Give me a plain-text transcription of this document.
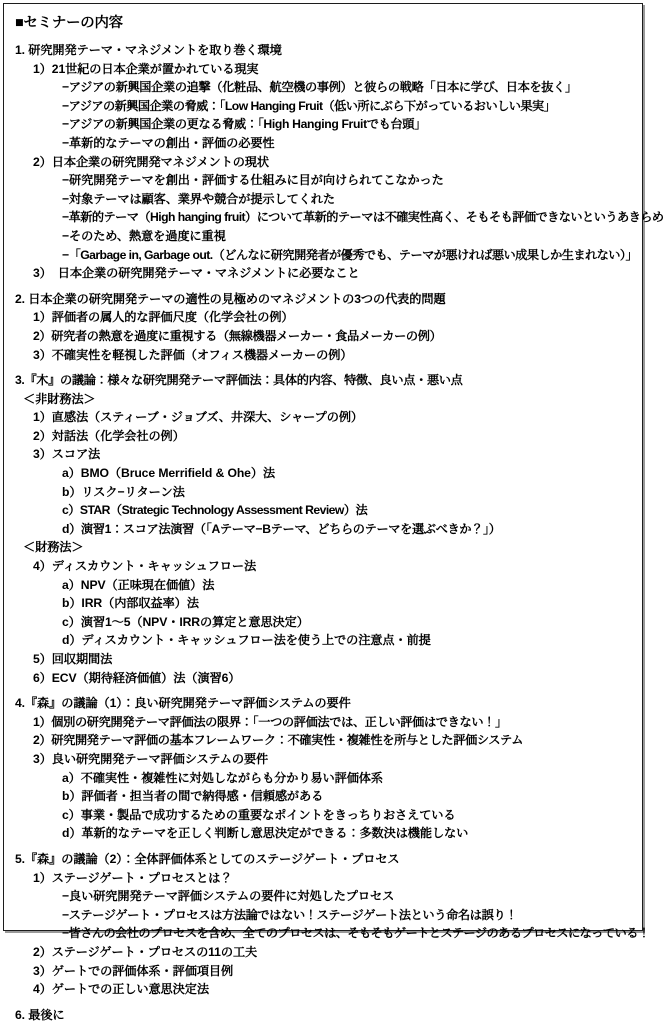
■セミナーの内容
1. 研究開発テーマ・マネジメントを取り巻く環境
1）21世紀の日本企業が置かれている現実
−アジアの新興国企業の追撃（化粧品、航空機の事例）と彼らの戦略「日本に学び、日本を抜く」
−アジアの新興国企業の脅威：「Low Hanging Fruit（低い所にぶら下がっているおいしい果実」
−アジアの新興国企業の更なる脅威：「High Hanging Fruitでも台頭」
−革新的なテーマの創出・評価の必要性
2）日本企業の研究開発マネジメントの現状
−研究開発テーマを創出・評価する仕組みに目が向けられてこなかった
−対象テーマは顧客、業界や競合が提示してくれた
−革新的テーマ（High hanging fruit）について革新的テーマは不確実性高く、そもそも評価できないというあきらめ
−そのため、熱意を過度に重視
−「Garbage in, Garbage out.（どんなに研究開発者が優秀でも、テーマが悪ければ悪い成果しか生まれない）」
3）　日本企業の研究開発テーマ・マネジメントに必要なこと
2. 日本企業の研究開発テーマの適性の見極めのマネジメントの3つの代表的問題
1）評価者の属人的な評価尺度（化学会社の例）
2）研究者の熱意を過度に重視する（無線機器メーカー・食品メーカーの例）
3）不確実性を軽視した評価（オフィス機器メーカーの例）
3.『木』の議論：様々な研究開発テーマ評価法：具体的内容、特徴、良い点・悪い点
＜非財務法＞
1）直感法（スティーブ・ジョブズ、井深大、シャープの例）
2）対話法（化学会社の例）
3）スコア法
a）BMO（Bruce Merrifield & Ohe）法
b）リスク−リターン法
c）STAR（Strategic Technology Assessment Review）法
d）演習1：スコア法演習（「Aテーマ−Bテーマ、どちらのテーマを選ぶべきか？」）
＜財務法＞
4）ディスカウント・キャッシュフロー法
a）NPV（正味現在価値）法
b）IRR（内部収益率）法
c）演習1〜5（NPV・IRRの算定と意思決定）
d）ディスカウント・キャッシュフロー法を使う上での注意点・前提
5）回収期間法
6）ECV（期待経済価値）法（演習6）
4.『森』の議論（1）：良い研究開発テーマ評価システムの要件
1）個別の研究開発テーマ評価法の限界：「一つの評価法では、正しい評価はできない！」
2）研究開発テーマ評価の基本フレームワーク：不確実性・複雑性を所与とした評価システム
3）良い研究開発テーマ評価システムの要件
a）不確実性・複雑性に対処しながらも分かり易い評価体系
b）評価者・担当者の間で納得感・信頼感がある
c）事業・製品で成功するための重要なポイントをきっちりおさえている
d）革新的なテーマを正しく判断し意思決定ができる：多数決は機能しない
5.『森』の議論（2）：全体評価体系としてのステージゲート・プロセス
1）ステージゲート・プロセスとは？
−良い研究開発テーマ評価システムの要件に対処したプロセス
−ステージゲート・プロセスは方法論ではない！ステージゲート法という命名は誤り！
−皆さんの会社のプロセスを含め、全てのプロセスは、そもそもゲートとステージのあるプロセスになっている！
2）ステージゲート・プロセスの11の工夫
3）ゲートでの評価体系・評価項目例
4）ゲートでの正しい意思決定法
6. 最後に
